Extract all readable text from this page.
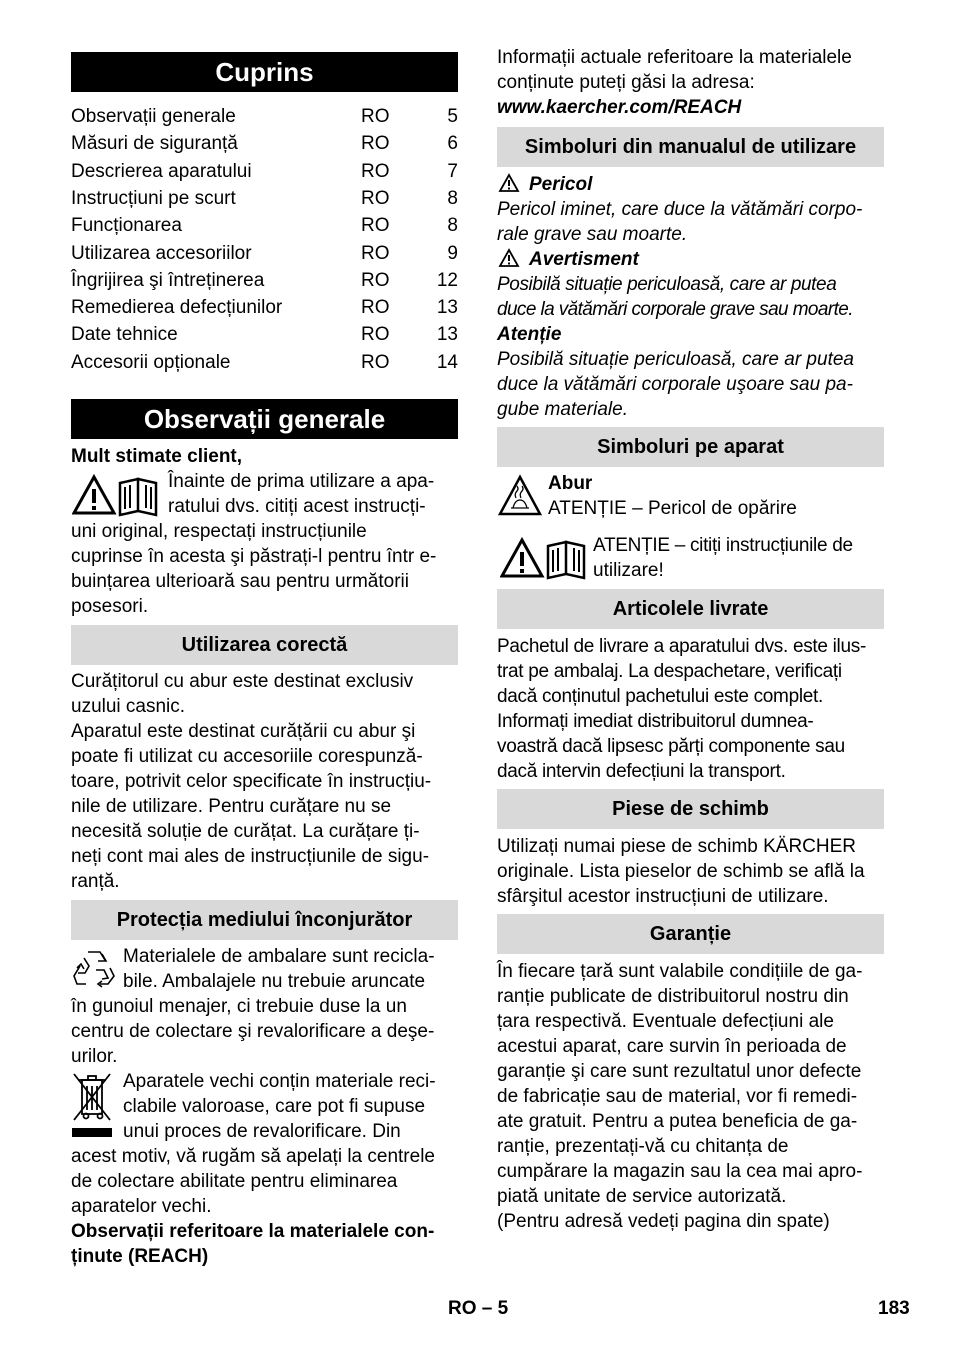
Cuprins
Observații generale	RO	5
Măsuri de siguranță	RO	6
Descrierea aparatului	RO	7
Instrucțiuni pe scurt	RO	8
Funcționarea	RO	8
Utilizarea accesoriilor	RO	9
Îngrijirea şi întreținerea	RO 12
Remedierea defecțiunilor	RO 13
Date tehnice	RO 13
Accesorii opționale	RO 14
Observații generale
Mult stimate client,
Înainte de prima utilizare a apa-
ratului dvs. citiți acest instrucți-
uni original, respectați instrucțiunile
cuprinse în acesta şi păstrați-l pentru într e-
buințarea ulterioară sau pentru următorii
posesori.
Utilizarea corectă
Curățitorul cu abur este destinat exclusiv
uzului casnic.
Aparatul este destinat curățării cu abur şi
poate fi utilizat cu accesoriile corespunză-
toare, potrivit celor specificate în instrucțiu-
nile de utilizare. Pentru curățare nu se
necesită soluție de curățat. La curățare ți-
neți cont mai ales de instrucțiunile de sigu-
ranță.
Protecția mediului înconjurător
Materialele de ambalare sunt recicla-
bile. Ambalajele nu trebuie aruncate
în gunoiul menajer, ci trebuie duse la un
centru de colectare şi revalorificare a deşe-
urilor.
Aparatele vechi conțin materiale reci-
clabile valoroase, care pot fi supuse
unui proces de revalorificare. Din
acest motiv, vă rugăm să apelați la centrele
de colectare abilitate pentru eliminarea
aparatelor vechi.
Observații referitoare la materialele con-
ținute (REACH)
Informații actuale referitoare la materialele
conținute puteți găsi la adresa:
www.kaercher.com/REACH
Simboluri din manualul de utilizare
Pericol
Pericol iminet, care duce la vătămări corpo-
rale grave sau moarte.
Avertisment
Posibilă situație periculoasă, care ar putea
duce la vătămări corporale grave sau moarte.
Atenție
Posibilă situație periculoasă, care ar putea
duce la vătămări corporale uşoare sau pa-
gube materiale.
Simboluri pe aparat
Abur
ATENȚIE – Pericol de opărire
ATENȚIE – citiți instrucțiunile de
utilizare!
Articolele livrate
Pachetul de livrare a aparatului dvs. este ilus-
trat pe ambalaj. La despachetare, verificați
dacă conținutul pachetului este complet.
Informați imediat distribuitorul dumnea-
voastră dacă lipsesc părți componente sau
dacă intervin defecțiuni la transport.
Piese de schimb
Utilizați numai piese de schimb KÄRCHER
originale. Lista pieselor de schimb se află la
sfârşitul acestor instrucțiuni de utilizare.
Garanție
În fiecare țară sunt valabile condițiile de ga-
ranție publicate de distribuitorul nostru din
țara respectivă. Eventuale defecțiuni ale
acestui aparat, care survin în perioada de
garanție şi care sunt rezultatul unor defecte
de fabricație sau de material, vor fi remedi-
ate gratuit. Pentru a putea beneficia de ga-
ranție, prezentați-vă cu chitanța de
cumpărare la magazin sau la cea mai apro-
piată unitate de service autorizată.
(Pentru adresă vedeți pagina din spate)
RO – 5	183
